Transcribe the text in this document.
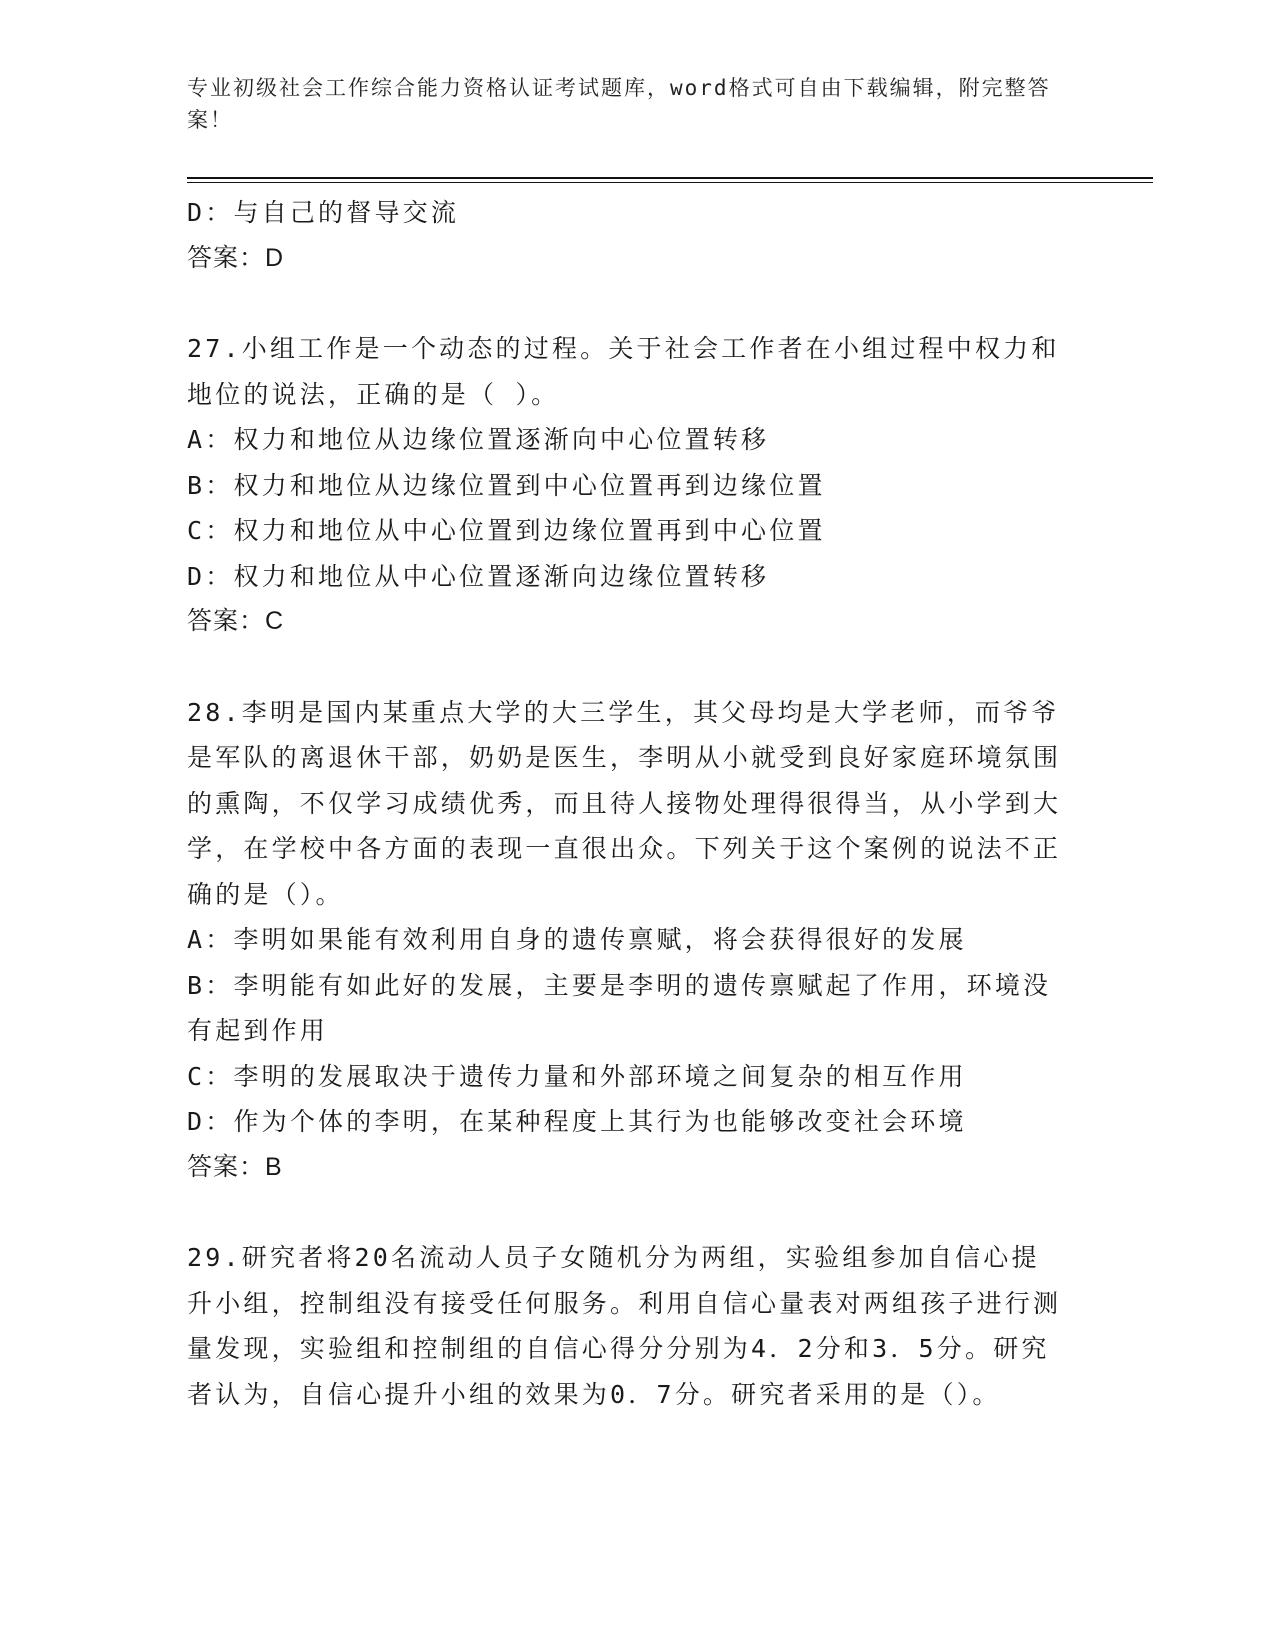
专业初级社会工作综合能力资格认证考试题库，word格式可自由下载编辑，附完整答案！
D：与自己的督导交流
答案：D
27.小组工作是一个动态的过程。关于社会工作者在小组过程中权力和地位的说法，正确的是（ ）。
A：权力和地位从边缘位置逐渐向中心位置转移
B：权力和地位从边缘位置到中心位置再到边缘位置
C：权力和地位从中心位置到边缘位置再到中心位置
D：权力和地位从中心位置逐渐向边缘位置转移
答案：C
28.李明是国内某重点大学的大三学生，其父母均是大学老师，而爷爷是军队的离退休干部，奶奶是医生，李明从小就受到良好家庭环境氛围的熏陶，不仅学习成绩优秀，而且待人接物处理得很得当，从小学到大学，在学校中各方面的表现一直很出众。下列关于这个案例的说法不正确的是（）。
A：李明如果能有效利用自身的遗传禀赋，将会获得很好的发展
B：李明能有如此好的发展，主要是李明的遗传禀赋起了作用，环境没有起到作用
C：李明的发展取决于遗传力量和外部环境之间复杂的相互作用
D：作为个体的李明，在某种程度上其行为也能够改变社会环境
答案：B
29.研究者将20名流动人员子女随机分为两组，实验组参加自信心提升小组，控制组没有接受任何服务。利用自信心量表对两组孩子进行测量发现，实验组和控制组的自信心得分分别为4．2分和3．5分。研究者认为，自信心提升小组的效果为0．7分。研究者采用的是（）。
